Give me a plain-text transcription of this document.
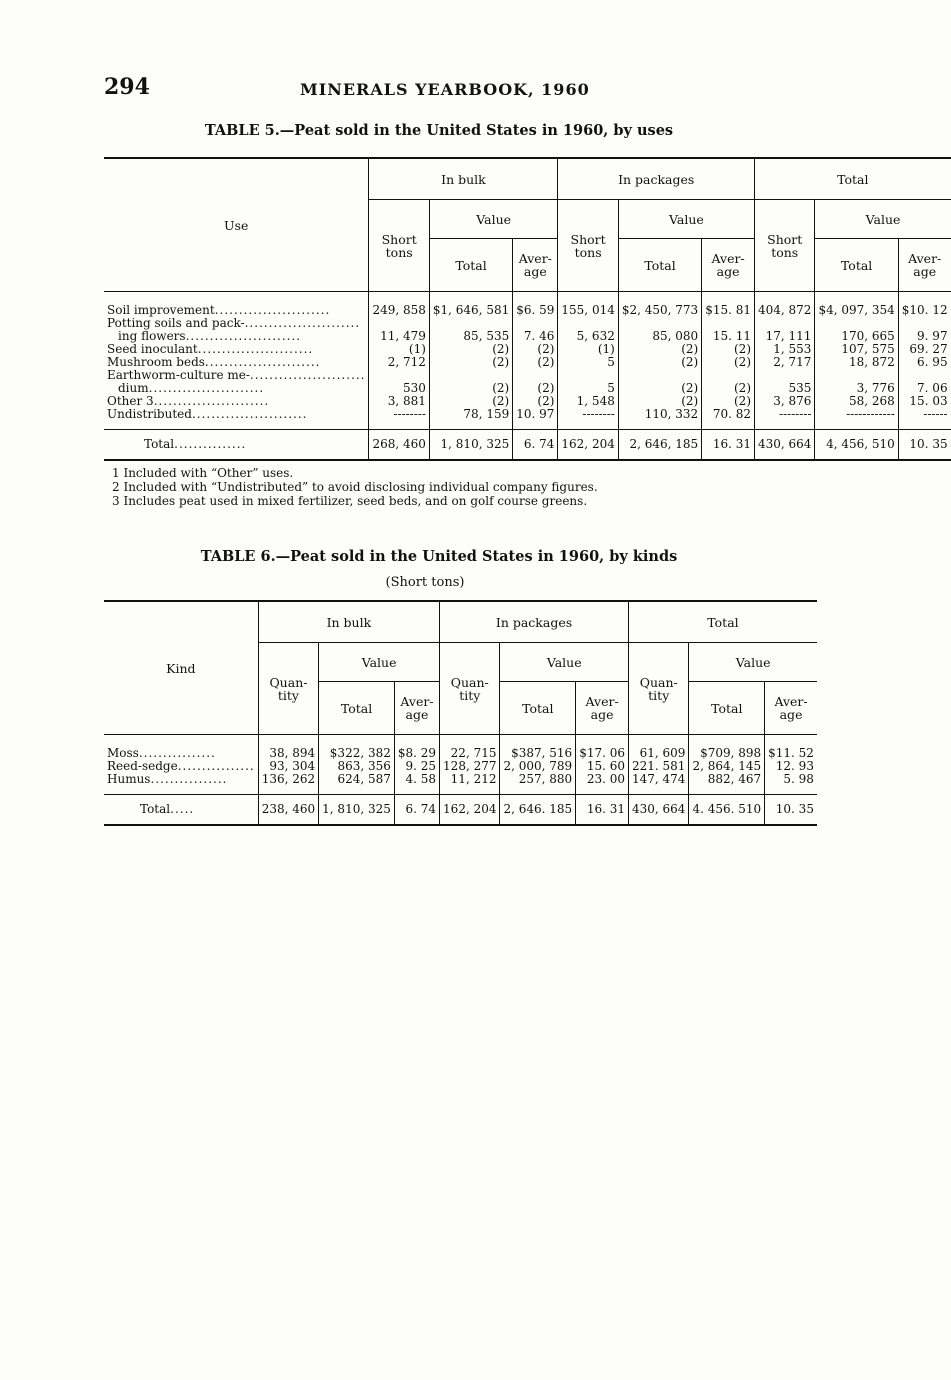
294	MINERALS YEARBOOK, 1960
TABLE 5.—Peat sold in the United States in 1960, by uses
Use	In bulk			In packages			Total		
	Short tons	Value		Short tons	Value		Short tons	Value	
		Total	Aver-age		Total	Aver-age		Total	Aver-age
Soil improvement........................	249, 858	$1, 646, 581	$6. 59	155, 014	$2, 450, 773	$15. 81	404, 872	$4, 097, 354	$10. 12
Potting soils and pack-........................									
ing flowers........................	11, 479	85, 535	7. 46	5, 632	85, 080	15. 11	17, 111	170, 665	9. 97
Seed inoculant........................	(1)	(2)	(2)	(1)	(2)	(2)	1, 553	107, 575	69. 27
Mushroom beds........................	2, 712	(2)	(2)	5	(2)	(2)	2, 717	18, 872	6. 95
Earthworm-culture me-........................									
dium........................	530	(2)	(2)	5	(2)	(2)	535	3, 776	7. 06
Other 3........................	3, 881	(2)	(2)	1, 548	(2)	(2)	3, 876	58, 268	15. 03
Undistributed........................	--------	78, 159	10. 97	--------	110, 332	70. 82	--------	------------	------
Total...............	268, 460	1, 810, 325	6. 74	162, 204	2, 646, 185	16. 31	430, 664	4, 456, 510	10. 35
1 Included with “Other” uses.
2 Included with “Undistributed” to avoid disclosing individual company figures.
3 Includes peat used in mixed fertilizer, seed beds, and on golf course greens.
TABLE 6.—Peat sold in the United States in 1960, by kinds
(Short tons)
Kind	In bulk			In packages			Total		
	Quan-tity	Value		Quan-tity	Value		Quan-tity	Value	
		Total	Aver-age		Total	Aver-age		Total	Aver-age
Moss................	38, 894	$322, 382	$8. 29	22, 715	$387, 516	$17. 06	61, 609	$709, 898	$11. 52
Reed-sedge................	93, 304	863, 356	9. 25	128, 277	2, 000, 789	15. 60	221. 581	2, 864, 145	12. 93
Humus................	136, 262	624, 587	4. 58	11, 212	257, 880	23. 00	147, 474	882, 467	5. 98
Total.....	238, 460	1, 810, 325	6. 74	162, 204	2, 646. 185	16. 31	430, 664	4. 456. 510	10. 35
